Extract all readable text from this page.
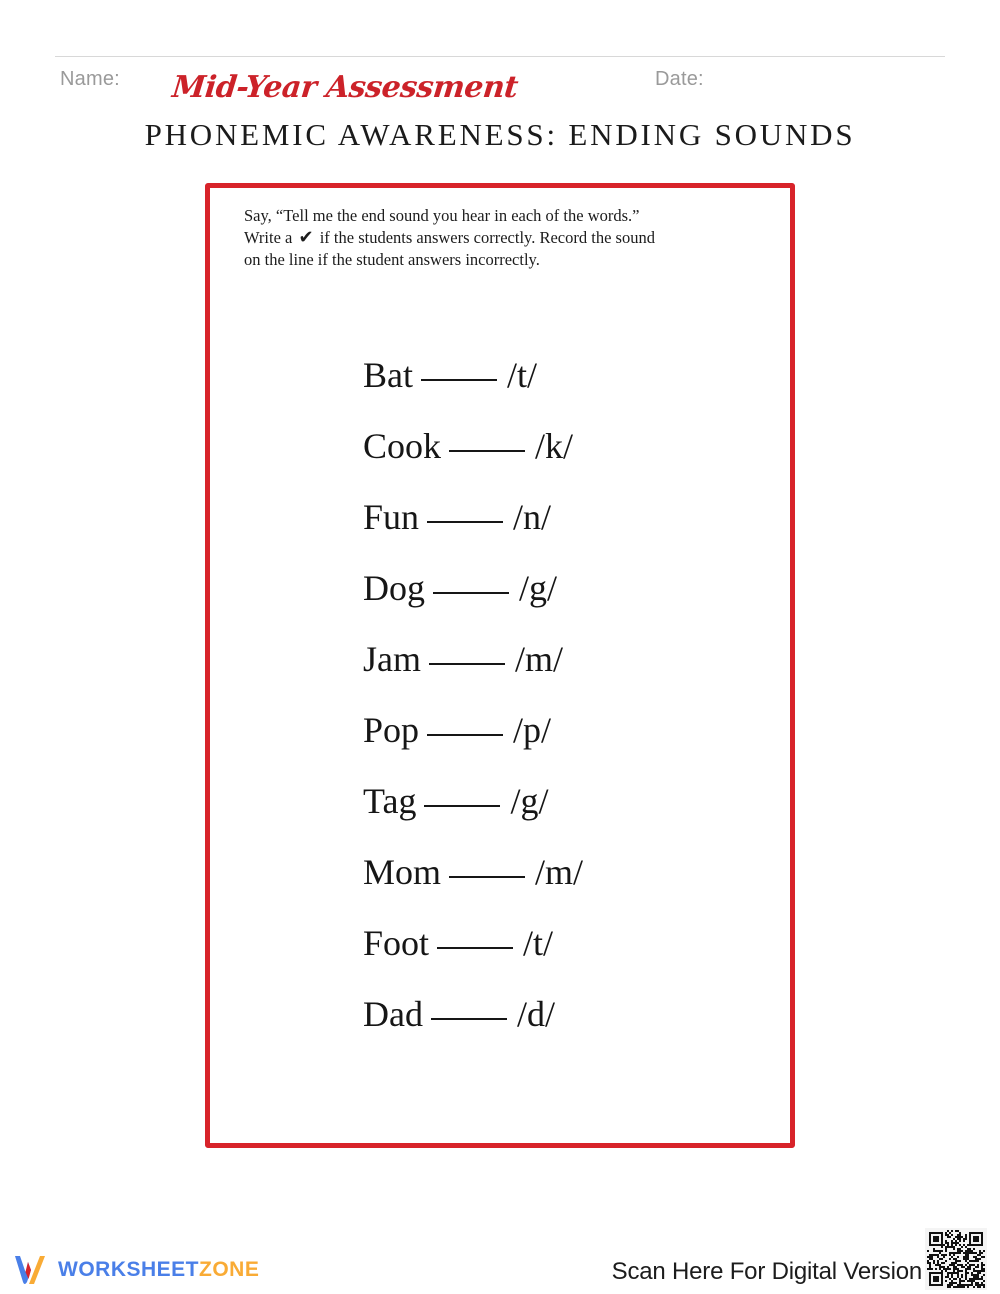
Name:	Date:
Mid-Year Assessment
PHONEMIC AWARENESS: ENDING SOUNDS
Say, “Tell me the end sound you hear in each of the words.”
Write a ✔ if the students answers correctly. Record the sound
on the line if the student answers incorrectly.
Bat	/t/
Cook	/k/
Fun	/n/
Dog	/g/
Jam	/m/
Pop	/p/
Tag	/g/
Mom	/m/
Foot	/t/
Dad	/d/
WORKSHEETZONE	Scan Here For Digital Version
